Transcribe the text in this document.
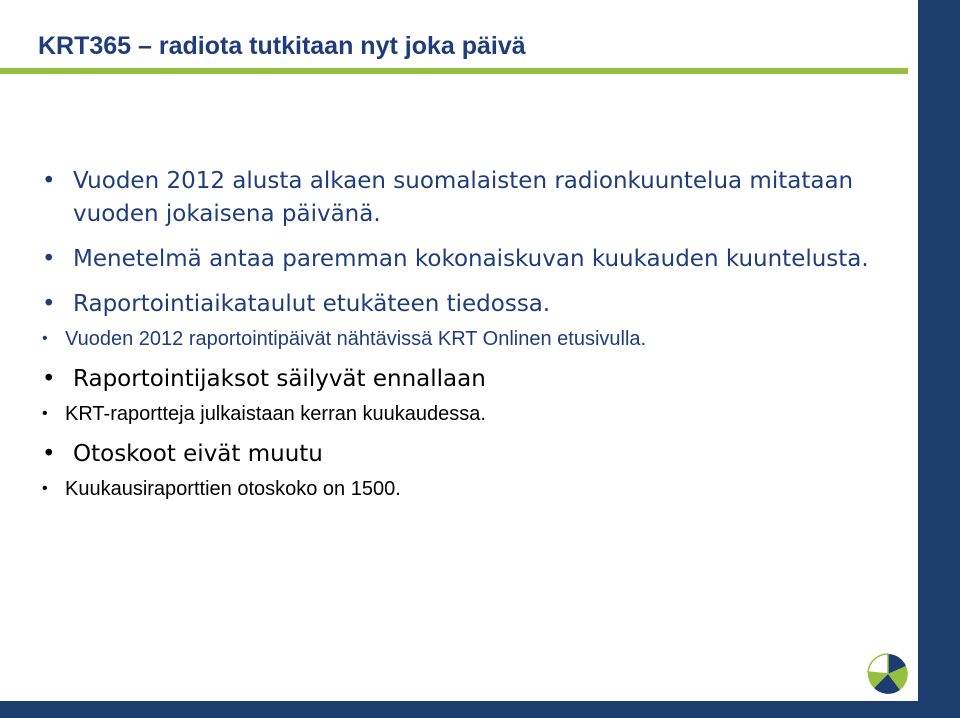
KRT365 – radiota tutkitaan nyt joka päivä
• Vuoden 2012 alusta alkaen suomalaisten radionkuuntelua mitataan vuoden jokaisena päivänä.
• Menetelmä antaa paremman kokonaiskuvan kuukauden kuuntelusta.
• Raportointiaikataulut etukäteen tiedossa.
• Vuoden 2012 raportointipäivät nähtävissä KRT Onlinen etusivulla.
• Raportointijaksot säilyvät ennallaan
• KRT-raportteja julkaistaan kerran kuukaudessa.
• Otoskoot eivät muutu
• Kuukausiraporttien otoskoko on 1500.
